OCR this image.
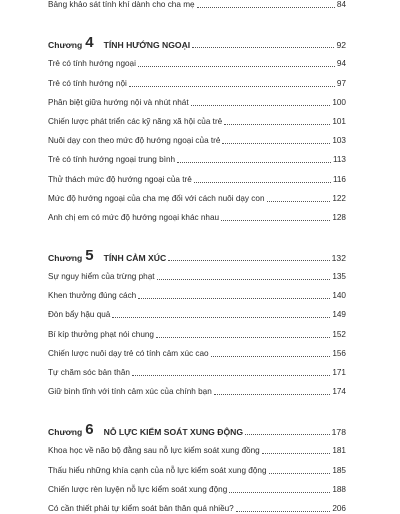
Bảng khảo sát tính khí dành cho cha mẹ	84
Chương 4 TÍNH HƯỚNG NGOẠI	92
Trẻ có tính hướng ngoại	94
Trẻ có tính hướng nội	97
Phân biệt giữa hướng nội và nhút nhát	100
Chiến lược phát triển các kỹ năng xã hội của trẻ	101
Nuôi dạy con theo mức độ hướng ngoại của trẻ	103
Trẻ có tính hướng ngoại trung bình	113
Thử thách mức độ hướng ngoại của trẻ	116
Mức độ hướng ngoại của cha mẹ đối với cách nuôi dạy con	122
Anh chị em có mức độ hướng ngoại khác nhau	128
Chương 5 TÍNH CẢM XÚC	132
Sự nguy hiểm của trừng phạt	135
Khen thưởng đúng cách	140
Đòn bẩy hậu quả	149
Bí kíp thưởng phạt nói chung	152
Chiến lược nuôi dạy trẻ có tính cảm xúc cao	156
Tự chăm sóc bản thân	171
Giữ bình tĩnh với tính cảm xúc của chính bạn	174
Chương 6 NỖ LỰC KIỂM SOÁT XUNG ĐỘNG	178
Khoa học về não bộ đằng sau nỗ lực kiểm soát xung đồng	181
Thấu hiểu những khía cạnh của nỗ lực kiểm soát xung động	185
Chiến lược rèn luyện nỗ lực kiểm soát xung động	188
Có cần thiết phải tự kiểm soát bản thân quá nhiều?	206
